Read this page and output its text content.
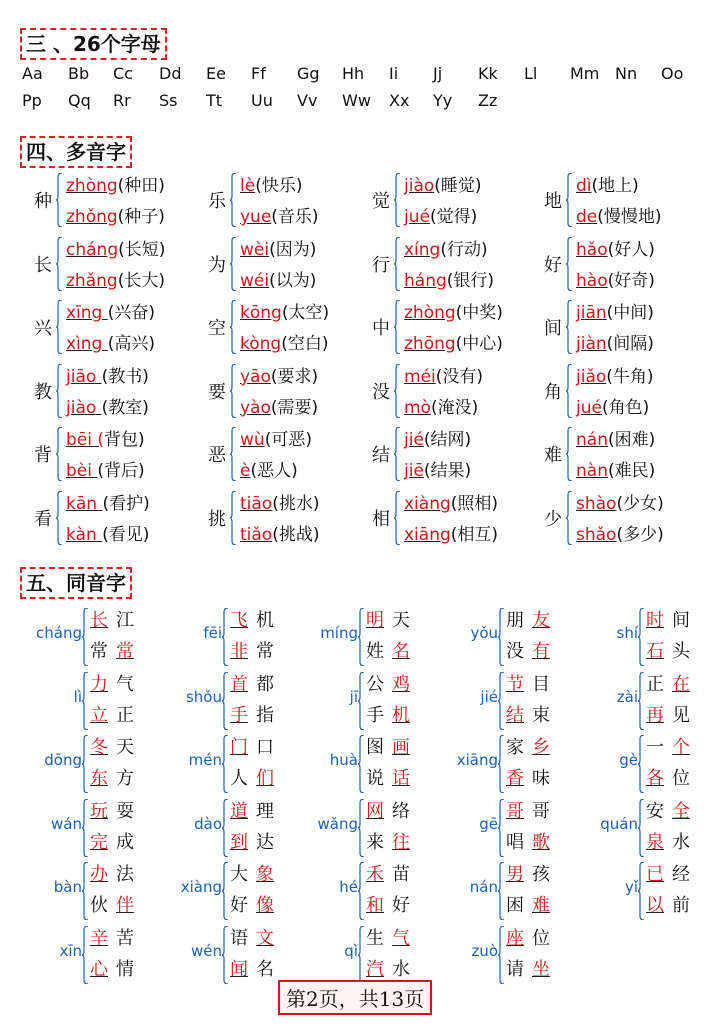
三 、26个字母
Aa Bb Cc Dd Ee Ff Gg Hh Ii Jj Kk Ll Mm Nn Oo
Pp Qq Rr Ss Tt Uu Vv Ww Xx Yy Zz
四、多音字
种
zhòng(种田)
zhǒng(种子)
乐
lè(快乐)
yue(音乐)
觉
jiào(睡觉)
jué(觉得)
地
dì(地上)
de(慢慢地)
长
cháng(长短)
zhǎng(长大)
为
wèi(因为)
wéi(以为)
行
xíng(行动)
háng(银行)
好
hǎo(好人)
hào(好奇)
兴
xīng (兴奋)
xìng (高兴)
空
kōng(太空)
kòng(空白)
中
zhòng(中奖)
zhōng(中心)
间
jiān(中间)
jiàn(间隔)
教
jiāo (教书)
jiào (教室)
要
yāo(要求)
yào(需要)
没
méi(没有)
mò(淹没)
角
jiǎo(牛角)
jué(角色)
背
bēi (背包)
bèi (背后)
恶
wù(可恶)
è(恶人)
结
jié(结网)
jiē(结果)
难
nán(困难)
nàn(难民)
看
kān (看护)
kàn (看见)
挑
tiāo(挑水)
tiǎo(挑战)
相
xiàng(照相)
xiāng(相互)
少
shào(少女)
shǎo(多少)
五、同音字
cháng
长 江
常 常
fēi
飞 机
非 常
míng
明 天
姓 名
yǒu
朋 友
没 有
shí
时 间
石 头
lì
力 气
立 正
shǒu
首 都
手 指
jī
公 鸡
手 机
jié
节 目
结 束
zài
正 在
再 见
dōng
冬 天
东 方
mén
门 口
人 们
huà
图 画
说 话
xiāng
家 乡
香 味
gè
一 个
各 位
wán
玩 耍
完 成
dào
道 理
到 达
wǎng
网 络
来 往
gē
哥 哥
唱 歌
quán
安 全
泉 水
bàn
办 法
伙 伴
xiàng
大 象
好 像
hé
禾 苗
和 好
nán
男 孩
困 难
yǐ
已 经
以 前
xīn
辛 苦
心 情
wén
语 文
闻 名
qì
生 气
汽 水
zuò
座 位
请 坐
第2页，共13页
